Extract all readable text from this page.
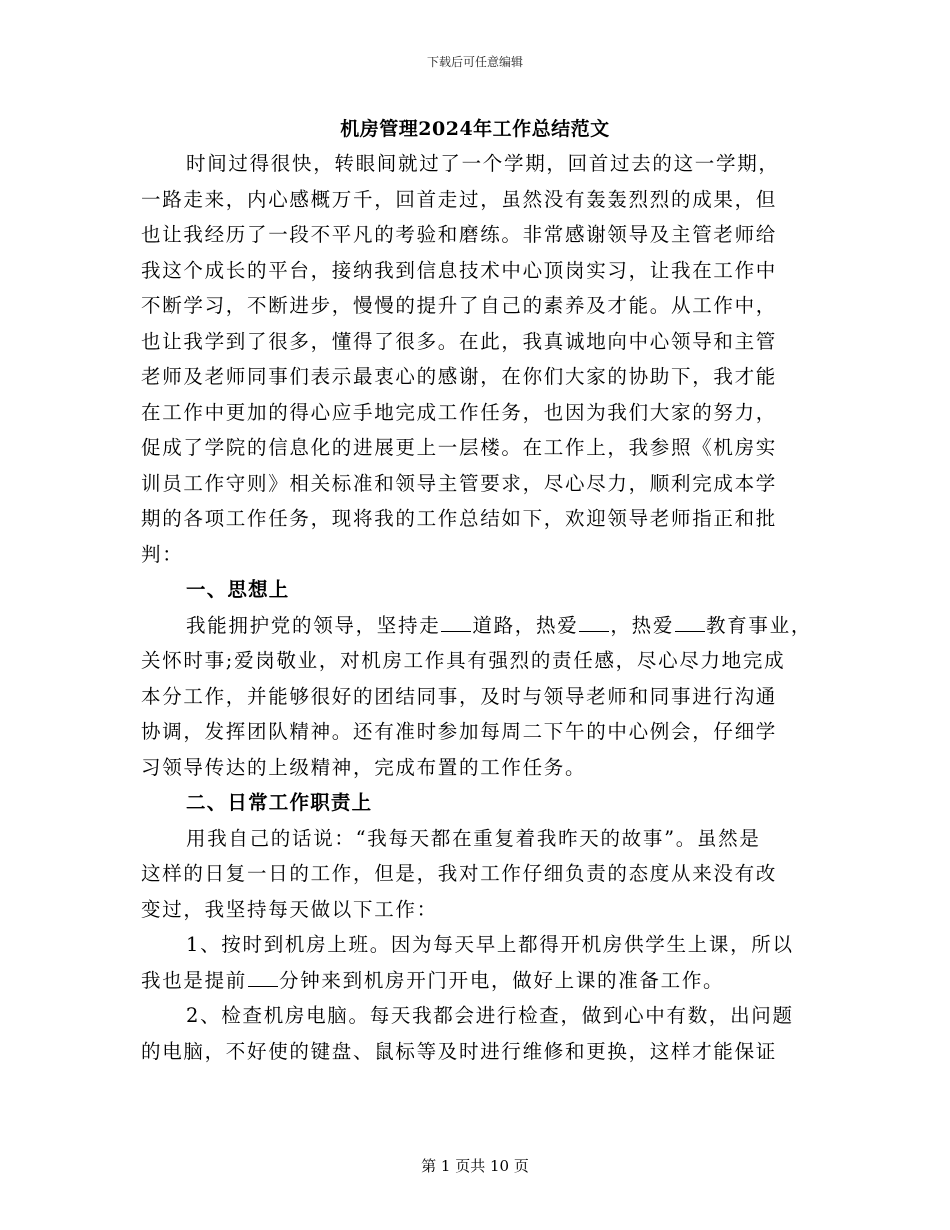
下载后可任意编辑
机房管理2024年工作总结范文
时间过得很快，转眼间就过了一个学期，回首过去的这一学期，
一路走来，内心感概万千，回首走过，虽然没有轰轰烈烈的成果，但
也让我经历了一段不平凡的考验和磨练。非常感谢领导及主管老师给
我这个成长的平台，接纳我到信息技术中心顶岗实习，让我在工作中
不断学习，不断进步，慢慢的提升了自己的素养及才能。从工作中，
也让我学到了很多，懂得了很多。在此，我真诚地向中心领导和主管
老师及老师同事们表示最衷心的感谢，在你们大家的协助下，我才能
在工作中更加的得心应手地完成工作任务，也因为我们大家的努力，
促成了学院的信息化的进展更上一层楼。在工作上，我参照《机房实
训员工作守则》相关标准和领导主管要求，尽心尽力，顺利完成本学
期的各项工作任务，现将我的工作总结如下，欢迎领导老师指正和批
判：
一、思想上
我能拥护党的领导，坚持走 道路，热爱 ，热爱 教育事业，
关怀时事;爱岗敬业，对机房工作具有强烈的责任感，尽心尽力地完成
本分工作，并能够很好的团结同事，及时与领导老师和同事进行沟通
协调，发挥团队精神。还有准时参加每周二下午的中心例会，仔细学
习领导传达的上级精神，完成布置的工作任务。
二、日常工作职责上
用我自己的话说：“我每天都在重复着我昨天的故事”。虽然是
这样的日复一日的工作，但是，我对工作仔细负责的态度从来没有改
变过，我坚持每天做以下工作：
1、按时到机房上班。因为每天早上都得开机房供学生上课，所以
我也是提前 分钟来到机房开门开电，做好上课的准备工作。
2、检查机房电脑。每天我都会进行检查，做到心中有数，出问题
的电脑，不好使的键盘、鼠标等及时进行维修和更换，这样才能保证
第 1 页共 10 页
